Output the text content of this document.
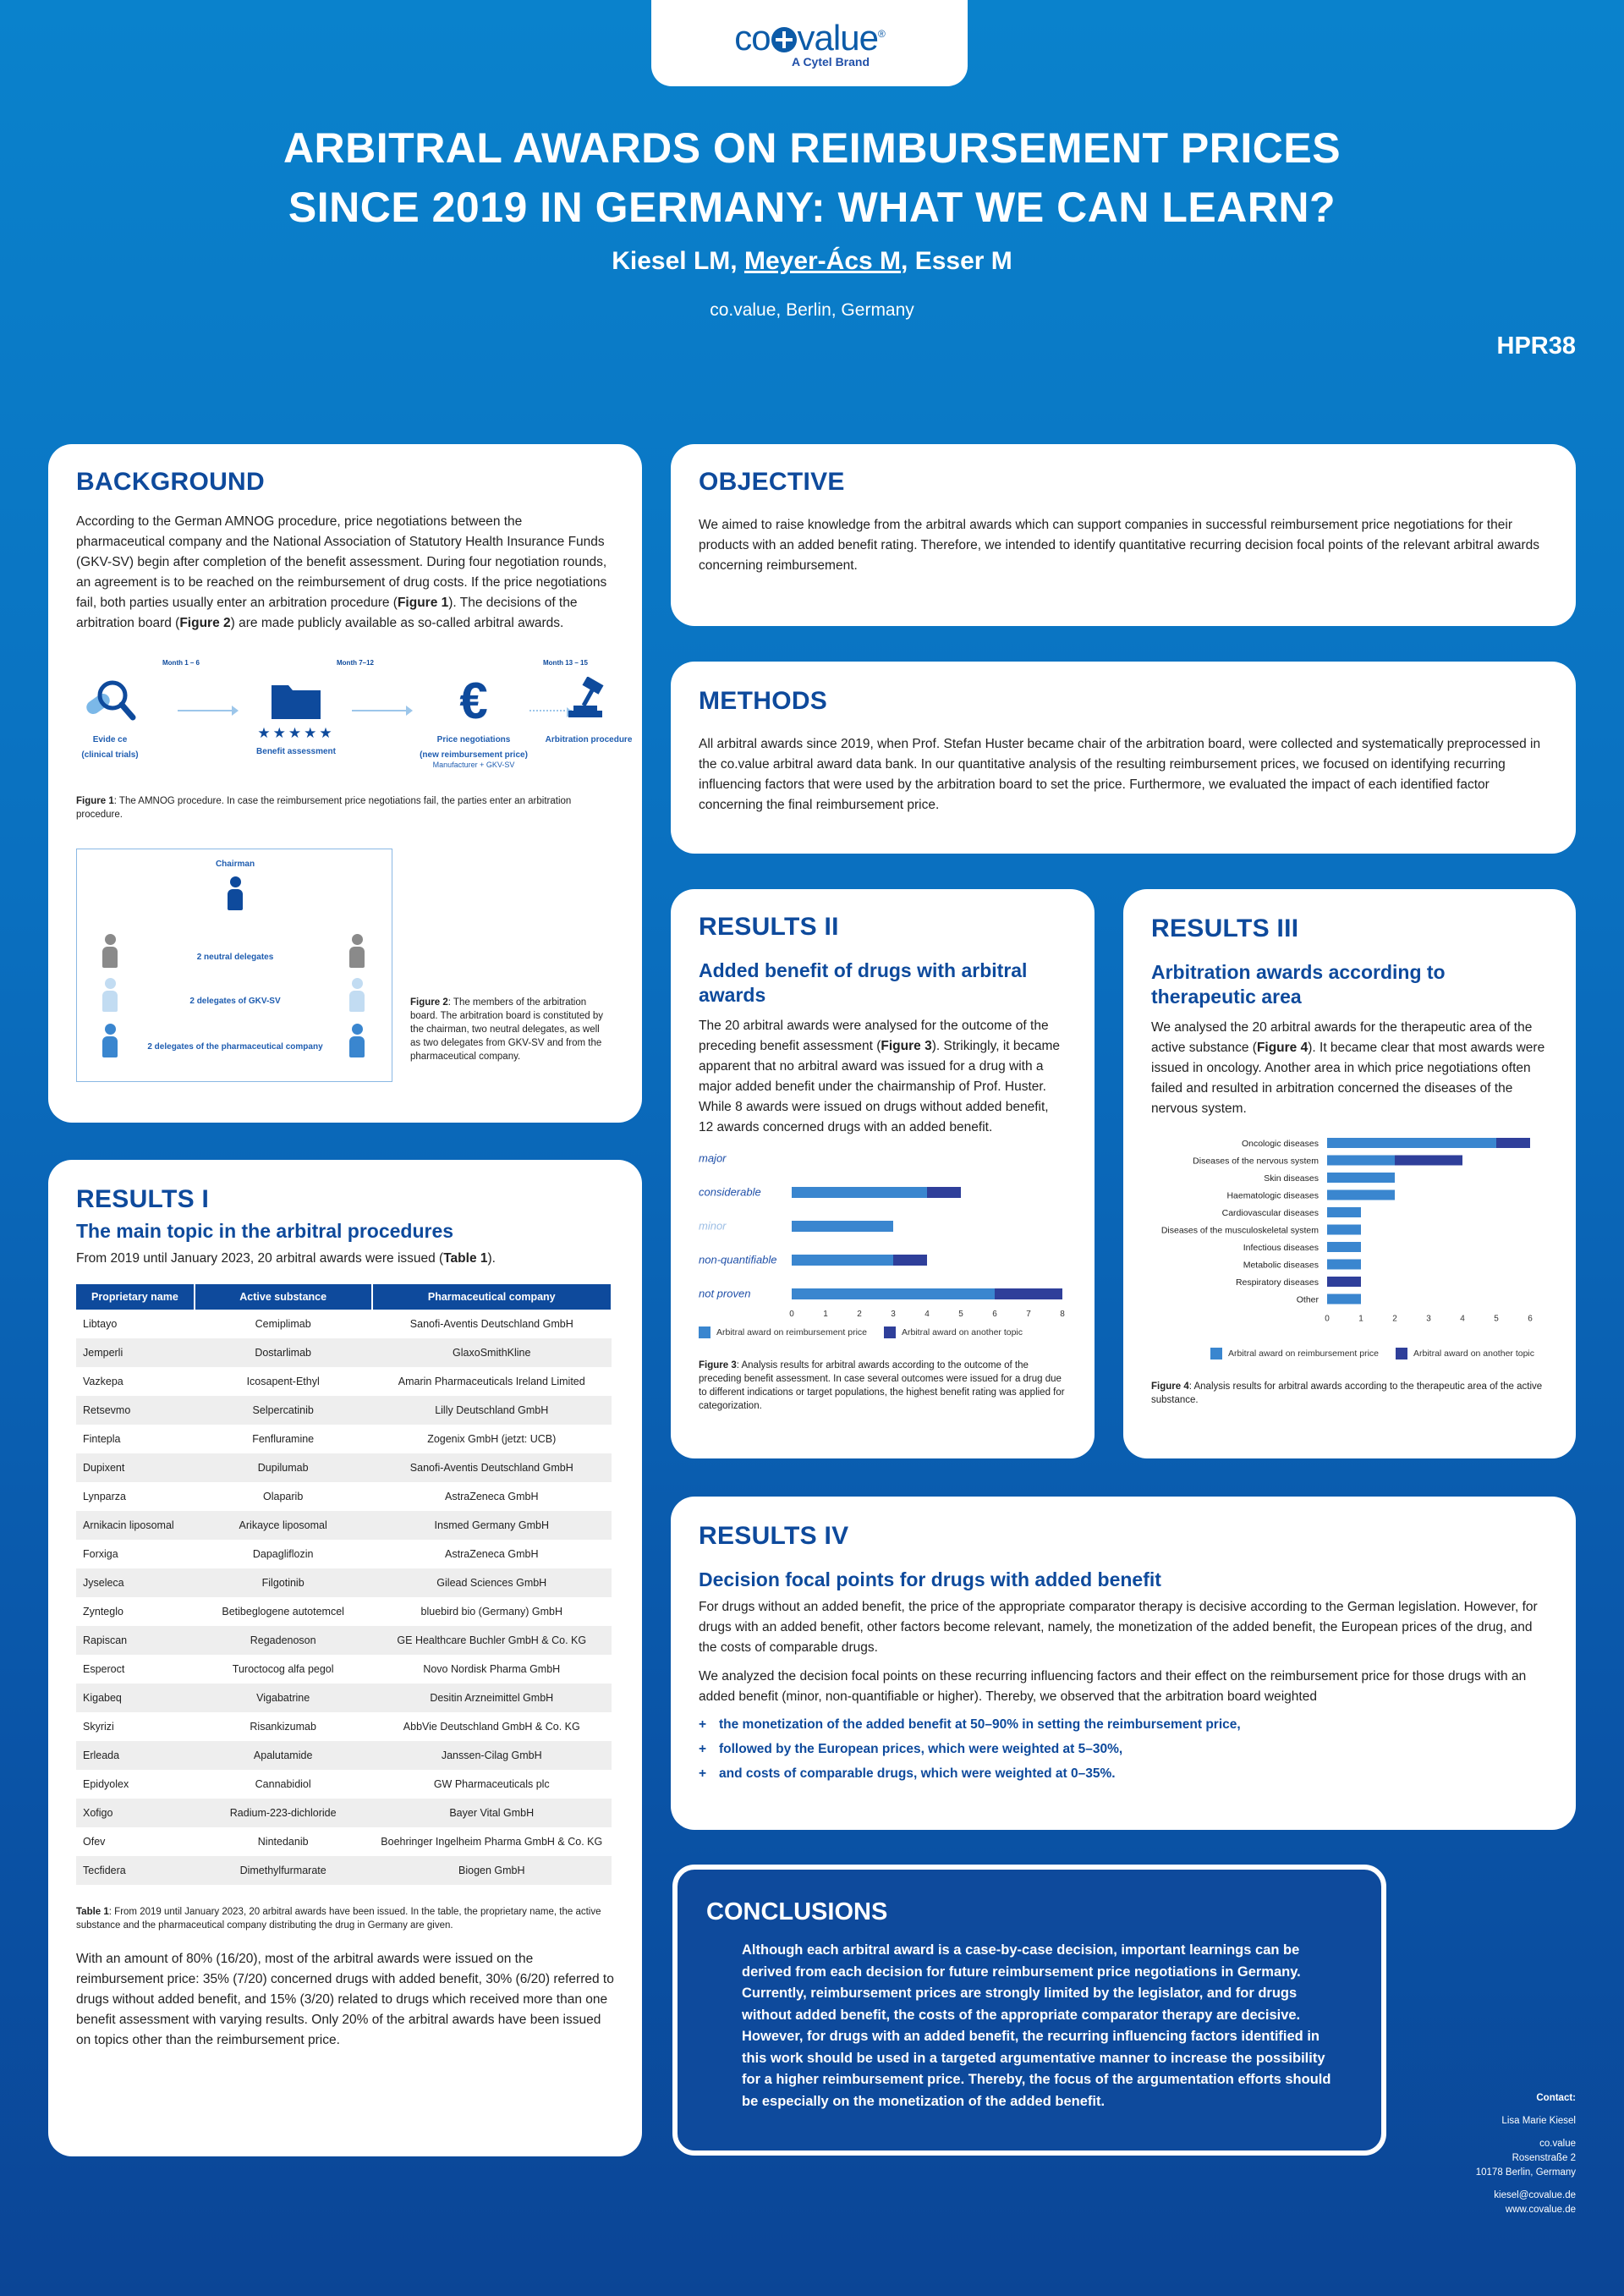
co value®
A Cytel Brand
ARBITRAL AWARDS ON REIMBURSEMENT PRICES
SINCE 2019 IN GERMANY: WHAT WE CAN LEARN?
Kiesel LM, Meyer-Ács M, Esser M
co.value, Berlin, Germany
HPR38
BACKGROUND

According to the German AMNOG procedure, price negotiations between the pharmaceutical company and the National Association of Statutory Health Insurance Funds (GKV-SV) begin after completion of the benefit assessment. During four negotiation rounds, an agreement is to be reached on the reimbursement of drug costs. If the price negotiations fail, both parties usually enter an arbitration procedure (Figure 1). The decisions of the arbitration board (Figure 2) are made publicly available as so-called arbitral awards.

Month 1 – 6	Month 7–12	Month 13 – 15
Evide ce
(clinical trials)
★★★★★
Benefit assessment
€
Price negotiations
(new reimbursement price)
Manufacturer + GKV-SV
Arbitration procedure
Figure 1: The AMNOG procedure. In case the reimbursement price negotiations fail, the parties enter an arbitration procedure.
Chairman
2 neutral delegates
2 delegates of GKV-SV
2 delegates of the pharmaceutical company
Figure 2: The members of the arbitration board. The arbitration board is constituted by the chairman, two neutral delegates, as well as two delegates from GKV-SV and from the pharmaceutical company.
RESULTS I
The main topic in the arbitral procedures

From 2019 until January 2023, 20 arbitral awards were issued (Table 1).

Proprietary name	Active substance	Pharmaceutical company
Libtayo	Cemiplimab	Sanofi-Aventis Deutschland GmbH
Jemperli	Dostarlimab	GlaxoSmithKline
Vazkepa	Icosapent-Ethyl	Amarin Pharmaceuticals Ireland Limited
Retsevmo	Selpercatinib	Lilly Deutschland GmbH
Fintepla	Fenfluramine	Zogenix GmbH (jetzt: UCB)
Dupixent	Dupilumab	Sanofi-Aventis Deutschland GmbH
Lynparza	Olaparib	AstraZeneca GmbH
Arnikacin liposomal	Arikayce liposomal	Insmed Germany GmbH
Forxiga	Dapagliflozin	AstraZeneca GmbH
Jyseleca	Filgotinib	Gilead Sciences GmbH
Zynteglo	Betibeglogene autotemcel	bluebird bio (Germany) GmbH
Rapiscan	Regadenoson	GE Healthcare Buchler GmbH & Co. KG
Esperoct	Turoctocog alfa pegol	Novo Nordisk Pharma GmbH
Kigabeq	Vigabatrine	Desitin Arzneimittel GmbH
Skyrizi	Risankizumab	AbbVie Deutschland GmbH & Co. KG
Erleada	Apalutamide	Janssen-Cilag GmbH
Epidyolex	Cannabidiol	GW Pharmaceuticals plc
Xofigo	Radium-223-dichloride	Bayer Vital GmbH
Ofev	Nintedanib	Boehringer Ingelheim Pharma GmbH & Co. KG
Tecfidera	Dimethylfurmarate	Biogen GmbH
Table 1: From 2019 until January 2023, 20 arbitral awards have been issued. In the table, the proprietary name, the active substance and the pharmaceutical company distributing the drug in Germany are given.

With an amount of 80% (16/20), most of the arbitral awards were issued on the reimbursement price: 35% (7/20) concerned drugs with added benefit, 30% (6/20) referred to drugs without added benefit, and 15% (3/20) related to drugs which received more than one benefit assessment with varying results. Only 20% of the arbitral awards have been issued on topics other than the reimbursement price.

OBJECTIVE

We aimed to raise knowledge from the arbitral awards which can support companies in successful reimbursement price negotiations for their products with an added benefit rating. Therefore, we intended to identify quantitative recurring decision focal points of the relevant arbitral awards concerning reimbursement.

METHODS

All arbitral awards since 2019, when Prof. Stefan Huster became chair of the arbitration board, were collected and systematically preprocessed in the co.value arbitral award data bank. In our quantitative analysis of the resulting reimbursement prices, we focused on identifying recurring influencing factors that were used by the arbitration board to set the price. Furthermore, we evaluated the impact of each identified factor concerning the final reimbursement price.

RESULTS II
Added benefit of drugs with arbitral awards

The 20 arbitral awards were analysed for the outcome of the preceding benefit assessment (Figure 3). Strikingly, it became apparent that no arbitral award was issued for a drug with a major added benefit under the chairmanship of Prof. Huster. While 8 awards were issued on drugs without added benefit, 12 awards concerned drugs with an added benefit.

major
considerable
minor
non-quantifiable
not proven
0	1	2	3	4	5	6	7	8
Arbitral award on reimbursement price	Arbitral award on another topic
Figure 3: Analysis results for arbitral awards according to the outcome of the preceding benefit assessment. In case several outcomes were issued for a drug due to different indications or target populations, the highest benefit rating was applied for categorization.
RESULTS III
Arbitration awards according to therapeutic area

We analysed the 20 arbitral awards for the therapeutic area of the active substance (Figure 4). It became clear that most awards were issued in oncology. Another area in which price negotiations often failed and resulted in arbitration concerned the diseases of the nervous system.

Oncologic diseases
Diseases of the nervous system
Skin diseases
Haematologic diseases
Cardiovascular diseases
Diseases of the musculoskeletal system
Infectious diseases
Metabolic diseases
Respiratory diseases
Other
0	1	2	3	4	5	6
Arbitral award on reimbursement price	Arbitral award on another topic
Figure 4: Analysis results for arbitral awards according to the therapeutic area of the active substance.
RESULTS IV
Decision focal points for drugs with added benefit

For drugs without an added benefit, the price of the appropriate comparator therapy is decisive according to the German legislation. However, for drugs with an added benefit, other factors become relevant, namely, the monetization of the added benefit, the European prices of the drug, and the costs of comparable drugs.

We analyzed the decision focal points on these recurring influencing factors and their effect on the reimbursement price for those drugs with an added benefit (minor, non-quantifiable or higher). Thereby, we observed that the arbitration board weighted

+ the monetization of the added benefit at 50–90% in setting the reimbursement price,
+ followed by the European prices, which were weighted at 5–30%,
+ and costs of comparable drugs, which were weighted at 0–35%.
CONCLUSIONS

Although each arbitral award is a case-by-case decision, important learnings can be derived from each decision for future reimbursement price negotiations in Germany. Currently, reimbursement prices are strongly limited by the legislator, and for drugs without added benefit, the costs of the appropriate comparator therapy are decisive. However, for drugs with an added benefit, the recurring influencing factors identified in this work should be used in a targeted argumentative manner to increase the possibility for a higher reimbursement price. Thereby, the focus of the argumentation efforts should be especially on the monetization of the added benefit.	Contact:
Lisa Marie Kiesel
co.value
Rosenstraße 2
10178 Berlin, Germany
kiesel@covalue.de
www.covalue.de
